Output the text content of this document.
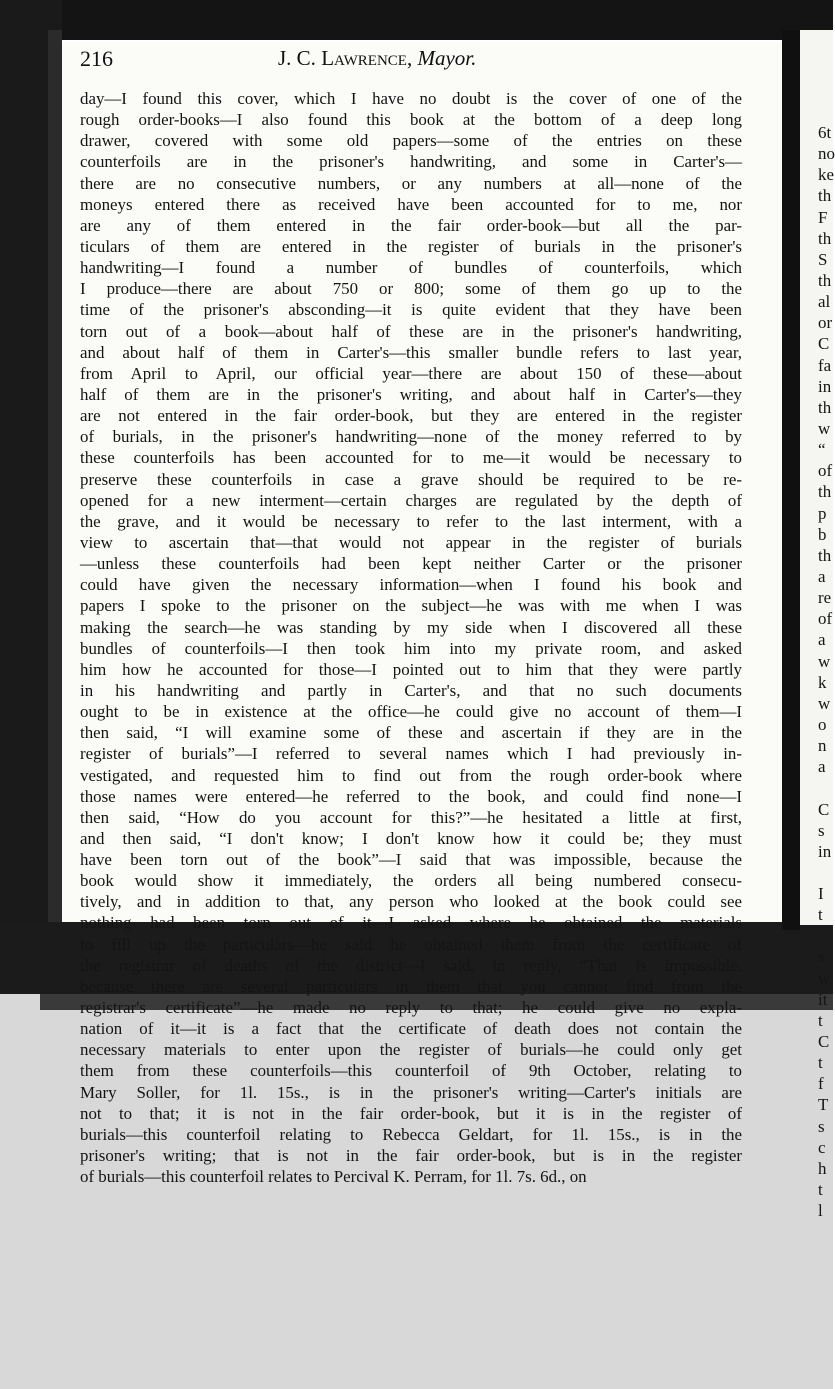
216	J. C. Lawrence, Mayor.
day—I found this cover, which I have no doubt is the cover of one of the
rough order-books—I also found this book at the bottom of a deep long
drawer, covered with some old papers—some of the entries on these
counterfoils are in the prisoner's handwriting, and some in Carter's—
there are no consecutive numbers, or any numbers at all—none of the
moneys entered there as received have been accounted for to me, nor
are any of them entered in the fair order-book—but all the par-
ticulars of them are entered in the register of burials in the prisoner's
handwriting—I found a number of bundles of counterfoils, which
I produce—there are about 750 or 800; some of them go up to the
time of the prisoner's absconding—it is quite evident that they have been
torn out of a book—about half of these are in the prisoner's handwriting,
and about half of them in Carter's—this smaller bundle refers to last year,
from April to April, our official year—there are about 150 of these—about
half of them are in the prisoner's writing, and about half in Carter's—they
are not entered in the fair order-book, but they are entered in the register
of burials, in the prisoner's handwriting—none of the money referred to by
these counterfoils has been accounted for to me—it would be necessary to
preserve these counterfoils in case a grave should be required to be re-
opened for a new interment—certain charges are regulated by the depth of
the grave, and it would be necessary to refer to the last interment, with a
view to ascertain that—that would not appear in the register of burials
—unless these counterfoils had been kept neither Carter or the prisoner
could have given the necessary information—when I found his book and
papers I spoke to the prisoner on the subject—he was with me when I was
making the search—he was standing by my side when I discovered all these
bundles of counterfoils—I then took him into my private room, and asked
him how he accounted for those—I pointed out to him that they were partly
in his handwriting and partly in Carter's, and that no such documents
ought to be in existence at the office—he could give no account of them—I
then said, “I will examine some of these and ascertain if they are in the
register of burials”—I referred to several names which I had previously in-
vestigated, and requested him to find out from the rough order-book where
those names were entered—he referred to the book, and could find none—I
then said, “How do you account for this?”—he hesitated a little at first,
and then said, “I don't know; I don't know how it could be; they must
have been torn out of the book”—I said that was impossible, because the
book would show it immediately, the orders all being numbered consecu-
tively, and in addition to that, any person who looked at the book could see
nothing had been torn out of it—I asked where he obtained the materials
to fill up the particulars—he said he obtained them from the certificate of
the registrar of deaths of the district—I said, in reply, “That is impossible,
because there are several particulars in them that you cannot find from the
registrar's certificate”—he made no reply to that; he could give no expla-
nation of it—it is a fact that the certificate of death does not contain the
necessary materials to enter upon the register of burials—he could only get
them from these counterfoils—this counterfoil of 9th October, relating to
Mary Soller, for 1l. 15s., is in the prisoner's writing—Carter's initials are
not to that; it is not in the fair order-book, but it is in the register of
burials—this counterfoil relating to Rebecca Geldart, for 1l. 15s., is in the
prisoner's writing; that is not in the fair order-book, but is in the register
of burials—this counterfoil relates to Percival K. Perram, for 1l. 7s. 6d., on
6t
no
ke
th
F
th
S
th
al
or
C
fa
in
th
w
“
of
th
p
b
th
a
re
of
a
w
k
w
o
n
a
C
s
in
I
t
s
w
it
t
C
t
f
T
s
c
h
t
l
